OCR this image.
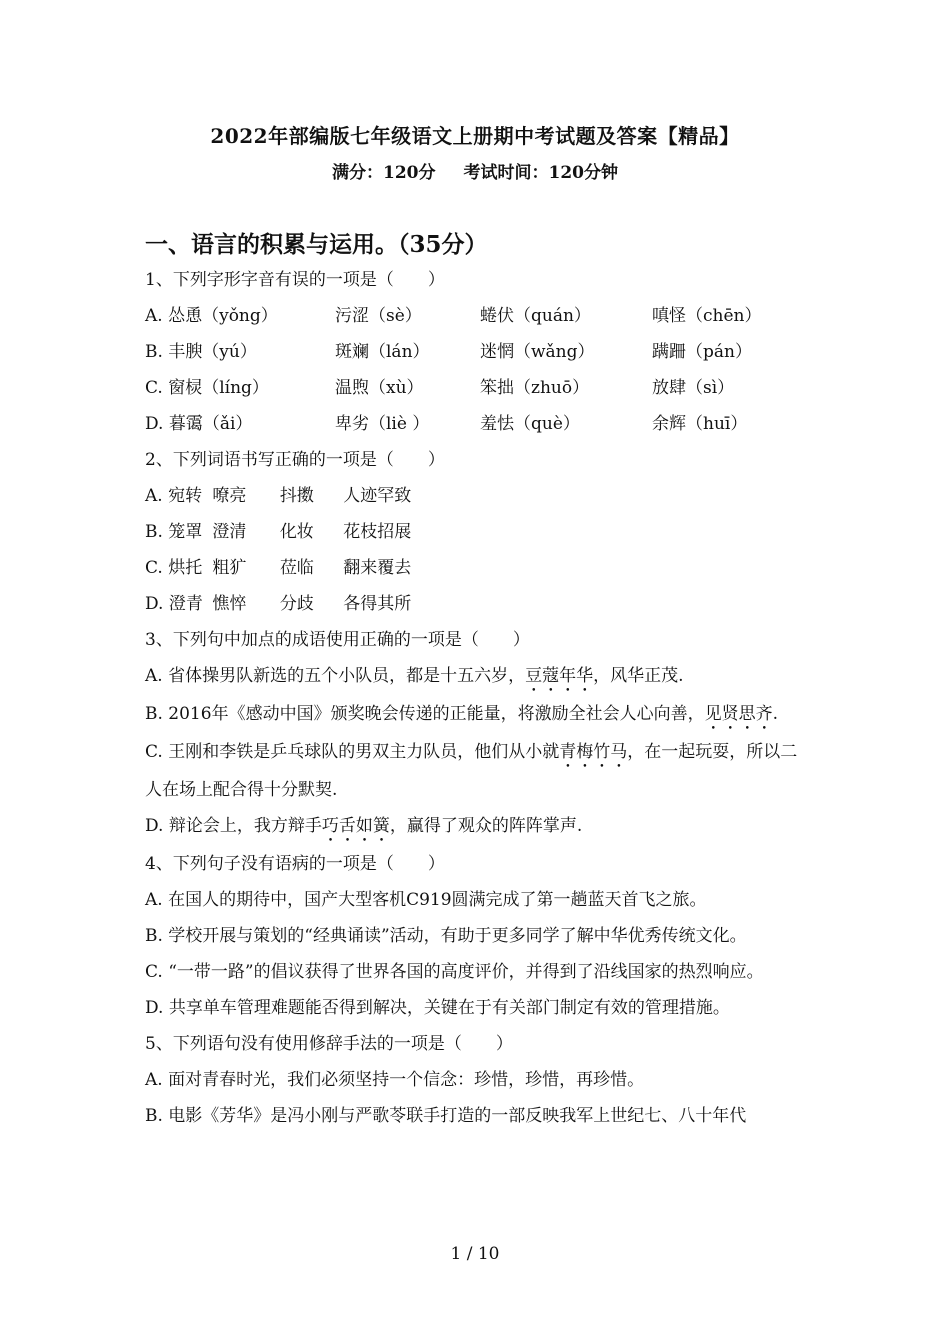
2022年部编版七年级语文上册期中考试题及答案【精品】
满分：120分 考试时间：120分钟
一、语言的积累与运用。（35分）
1、下列字形字音有误的一项是（　　）
A. 怂恿（yǒng）	污涩（sè）	蜷伏（quán）	嗔怪（chēn）
B. 丰腴（yú）	斑斓（lán）	迷惘（wǎng）	蹒跚（pán）
C. 窗棂（líng）	温煦（xù）	笨拙（zhuō）	放肆（sì）
D. 暮霭（ǎi）	卑劣（liè ）	羞怯（què）	余辉（huī）
2、下列词语书写正确的一项是（　　）
A. 宛转 嘹亮 抖擞 人迹罕致
B. 笼罩 澄清 化妆 花枝招展
C. 烘托 粗犷 莅临 翻来覆去
D. 澄青 憔悴 分歧 各得其所
3、下列句中加点的成语使用正确的一项是（　　）
A. 省体操男队新选的五个小队员，都是十五六岁，豆蔻年华，风华正茂.
B. 2016年《感动中国》颁奖晚会传递的正能量，将激励全社会人心向善，见贤思齐.
C. 王刚和李铁是乒乓球队的男双主力队员，他们从小就青梅竹马，在一起玩耍，所以二人在场上配合得十分默契.
D. 辩论会上，我方辩手巧舌如簧，赢得了观众的阵阵掌声.
4、下列句子没有语病的一项是（　　）
A. 在国人的期待中，国产大型客机C919圆满完成了第一趟蓝天首飞之旅。
B. 学校开展与策划的“经典诵读”活动，有助于更多同学了解中华优秀传统文化。
C. “一带一路”的倡议获得了世界各国的高度评价，并得到了沿线国家的热烈响应。
D. 共享单车管理难题能否得到解决，关键在于有关部门制定有效的管理措施。
5、下列语句没有使用修辞手法的一项是（　　）
A. 面对青春时光，我们必须坚持一个信念：珍惜，珍惜，再珍惜。
B. 电影《芳华》是冯小刚与严歌苓联手打造的一部反映我军上世纪七、八十年代
1 / 10
